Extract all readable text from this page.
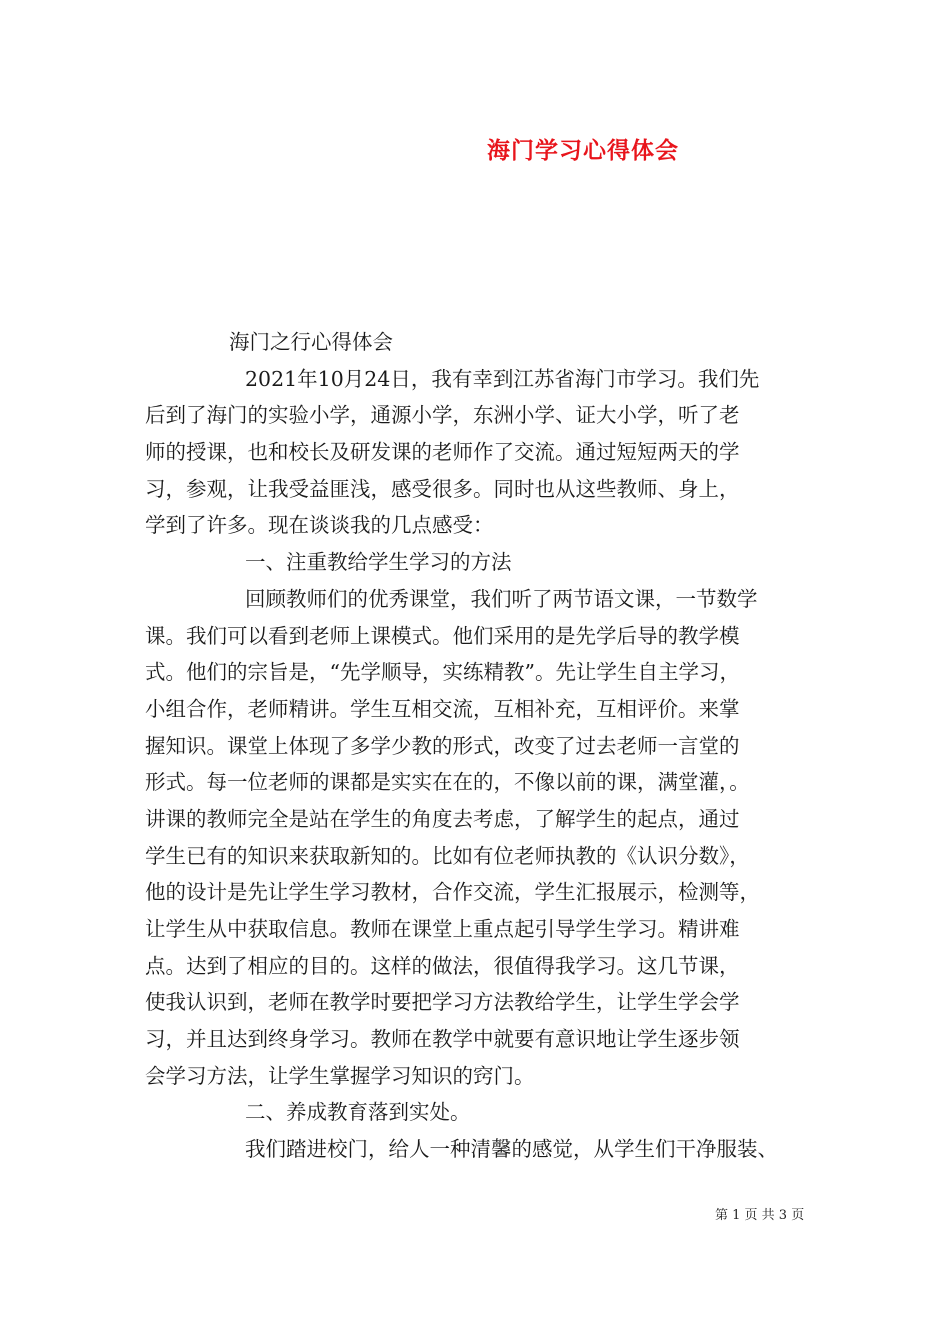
海门学习心得体会
海门之行心得体会
2021年10月24日，我有幸到江苏省海门市学习。我们先
后到了海门的实验小学，通源小学，东洲小学、证大小学，听了老
师的授课，也和校长及研发课的老师作了交流。通过短短两天的学
习，参观，让我受益匪浅，感受很多。同时也从这些教师、身上，
学到了许多。现在谈谈我的几点感受：
一、注重教给学生学习的方法
回顾教师们的优秀课堂，我们听了两节语文课，一节数学
课。我们可以看到老师上课模式。他们采用的是先学后导的教学模
式。他们的宗旨是，“先学顺导，实练精教”。先让学生自主学习，
小组合作，老师精讲。学生互相交流，互相补充，互相评价。来掌
握知识。课堂上体现了多学少教的形式，改变了过去老师一言堂的
形式。每一位老师的课都是实实在在的，不像以前的课，满堂灌，。
讲课的教师完全是站在学生的角度去考虑，了解学生的起点，通过
学生已有的知识来获取新知的。比如有位老师执教的《认识分数》，
他的设计是先让学生学习教材，合作交流，学生汇报展示，检测等，
让学生从中获取信息。教师在课堂上重点起引导学生学习。精讲难
点。达到了相应的目的。这样的做法，很值得我学习。这几节课，
使我认识到，老师在教学时要把学习方法教给学生，让学生学会学
习，并且达到终身学习。教师在教学中就要有意识地让学生逐步领
会学习方法，让学生掌握学习知识的窍门。
二、养成教育落到实处。
我们踏进校门，给人一种清馨的感觉，从学生们干净服装、
第 1 页 共 3 页
